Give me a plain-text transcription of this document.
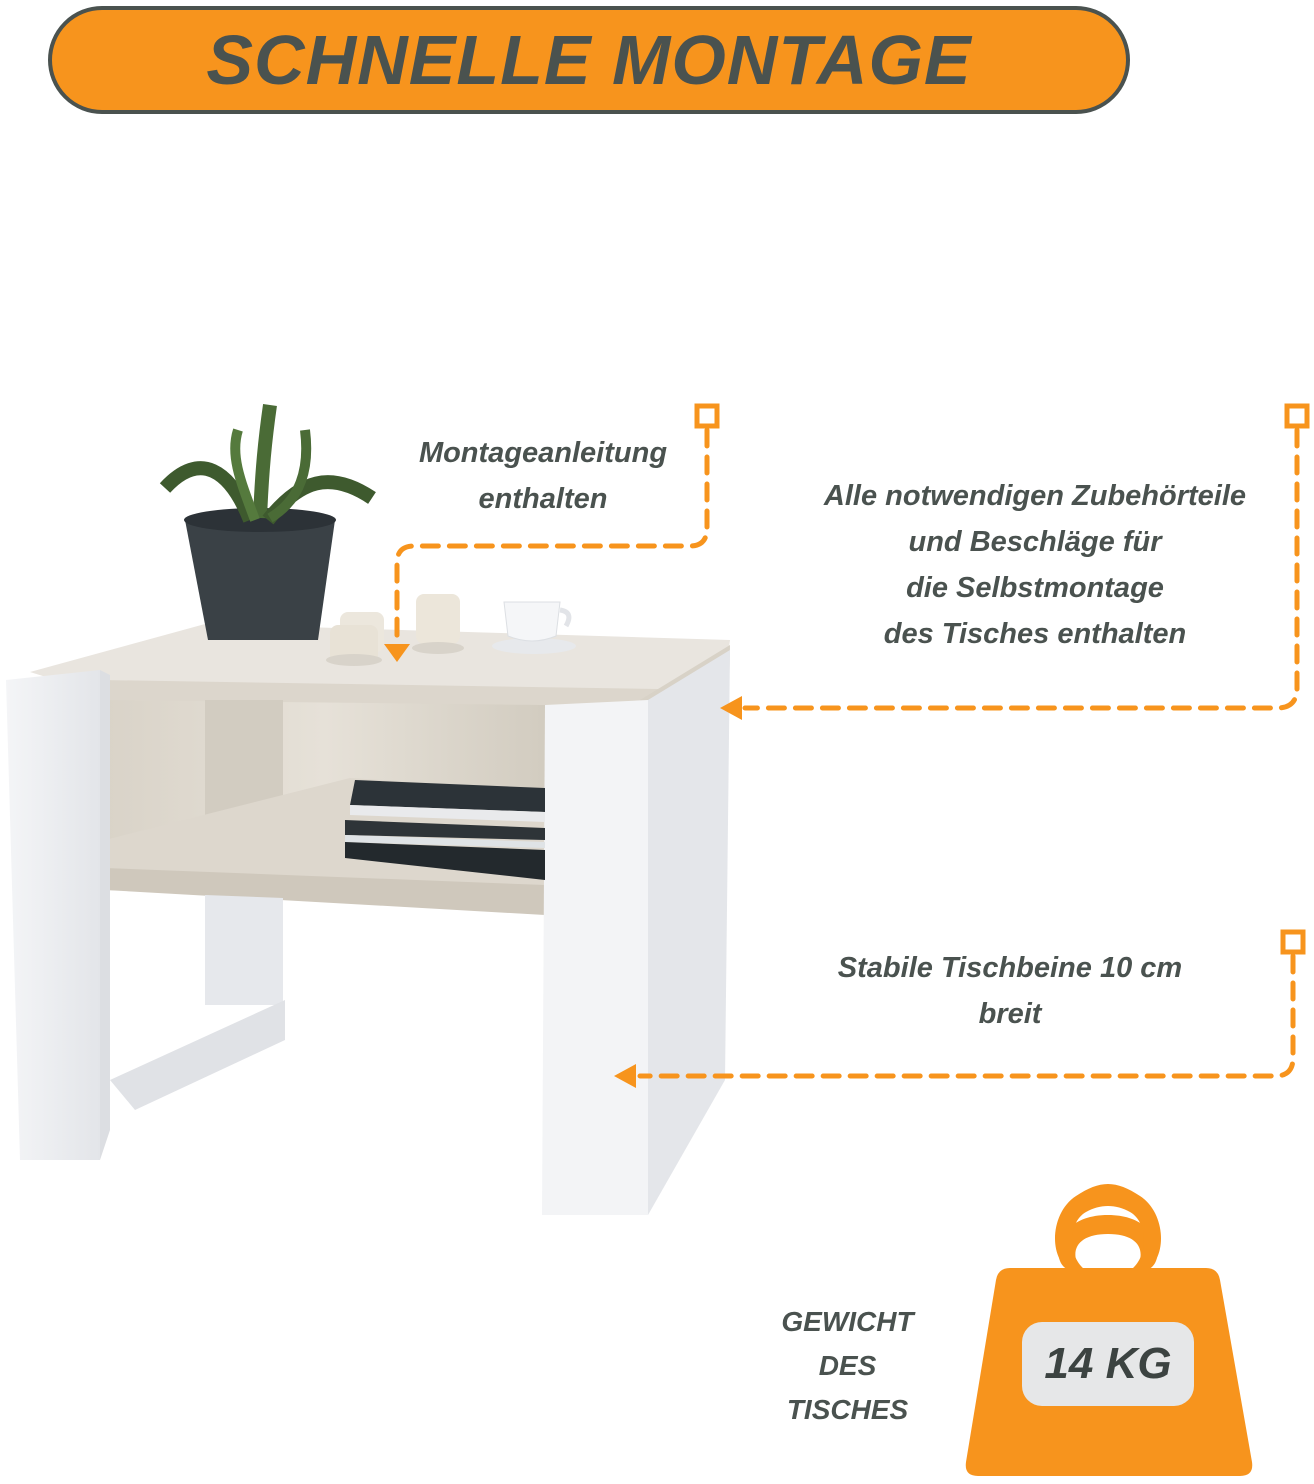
SCHNELLE MONTAGE
Montageanleitung
enthalten	Alle notwendigen Zubehörteile
und Beschläge für
die Selbstmontage
des Tisches enthalten
Stabile Tischbeine 10 cm
breit
GEWICHT
DES
TISCHES
14 KG
